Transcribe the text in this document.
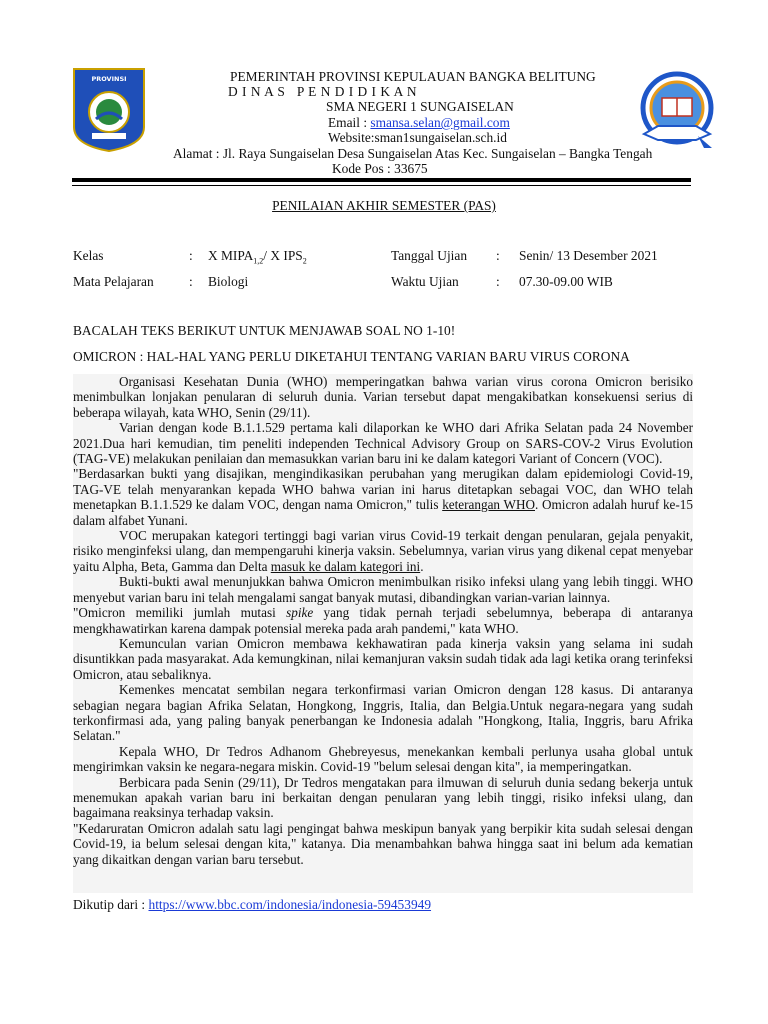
PROVINSI	PEMERINTAH PROVINSI KEPULAUAN BANGKA BELITUNG
D I N A S   P E N D I D I K A N
SMA NEGERI 1 SUNGAISELAN
Email : smansa.selan@gmail.com
Website:sman1sungaiselan.sch.id
Alamat : Jl. Raya Sungaiselan Desa Sungaiselan Atas Kec. Sungaiselan – Bangka Tengah
Kode Pos : 33675
PENILAIAN AKHIR SEMESTER (PAS)
Kelas	: X $MIPA_{1,2}/$ X $IPS_2$	Tanggal Ujian : Senin/ 13 Desember 2021
Mata Pelajaran	: Biologi	Waktu Ujian	: 07.30-09.00 WIB
BACALAH TEKS BERIKUT UNTUK MENJAWAB SOAL NO 1-10!
OMICRON : HAL-HAL YANG PERLU DIKETAHUI TENTANG VARIAN BARU VIRUS CORONA

Organisasi Kesehatan Dunia (WHO) memperingatkan bahwa varian virus corona Omicron berisiko menimbulkan lonjakan penularan di seluruh dunia. Varian tersebut dapat mengakibatkan konsekuensi serius di beberapa wilayah, kata WHO, Senin (29/11).

Varian dengan kode B.1.1.529 pertama kali dilaporkan ke WHO dari Afrika Selatan pada 24 November 2021.Dua hari kemudian, tim peneliti independen Technical Advisory Group on SARS-COV-2 Virus Evolution (TAG-VE) melakukan penilaian dan memasukkan varian baru ini ke dalam kategori Variant of Concern (VOC).

"Berdasarkan bukti yang disajikan, mengindikasikan perubahan yang merugikan dalam epidemiologi Covid-19, TAG-VE telah menyarankan kepada WHO bahwa varian ini harus ditetapkan sebagai VOC, dan WHO telah menetapkan B.1.1.529 ke dalam VOC, dengan nama Omicron," tulis keterangan WHO. Omicron adalah huruf ke-15 dalam alfabet Yunani.

VOC merupakan kategori tertinggi bagi varian virus Covid-19 terkait dengan penularan, gejala penyakit, risiko menginfeksi ulang, dan mempengaruhi kinerja vaksin. Sebelumnya, varian virus yang dikenal cepat menyebar yaitu Alpha, Beta, Gamma dan Delta masuk ke dalam kategori ini.

Bukti-bukti awal menunjukkan bahwa Omicron menimbulkan risiko infeksi ulang yang lebih tinggi. WHO menyebut varian baru ini telah mengalami sangat banyak mutasi, dibandingkan varian-varian lainnya.

"Omicron memiliki jumlah mutasi spike yang tidak pernah terjadi sebelumnya, beberapa di antaranya mengkhawatirkan karena dampak potensial mereka pada arah pandemi," kata WHO.

Kemunculan varian Omicron membawa kekhawatiran pada kinerja vaksin yang selama ini sudah disuntikkan pada masyarakat. Ada kemungkinan, nilai kemanjuran vaksin sudah tidak ada lagi ketika orang terinfeksi Omicron, atau sebaliknya.

Kemenkes mencatat sembilan negara terkonfirmasi varian Omicron dengan 128 kasus. Di antaranya sebagian negara bagian Afrika Selatan, Hongkong, Inggris, Italia, dan Belgia.Untuk negara-negara yang sudah terkonfirmasi ada, yang paling banyak penerbangan ke Indonesia adalah "Hongkong, Italia, Inggris, baru Afrika Selatan."

Kepala WHO, Dr Tedros Adhanom Ghebreyesus, menekankan kembali perlunya usaha global untuk mengirimkan vaksin ke negara-negara miskin. Covid-19 "belum selesai dengan kita", ia memperingatkan.

Berbicara pada Senin (29/11), Dr Tedros mengatakan para ilmuwan di seluruh dunia sedang bekerja untuk menemukan apakah varian baru ini berkaitan dengan penularan yang lebih tinggi, risiko infeksi ulang, dan bagaimana reaksinya terhadap vaksin.

"Kedaruratan Omicron adalah satu lagi pengingat bahwa meskipun banyak yang berpikir kita sudah selesai dengan Covid-19, ia belum selesai dengan kita," katanya. Dia menambahkan bahwa hingga saat ini belum ada kematian yang dikaitkan dengan varian baru tersebut.

Dikutip dari : https://www.bbc.com/indonesia/indonesia-59453949
